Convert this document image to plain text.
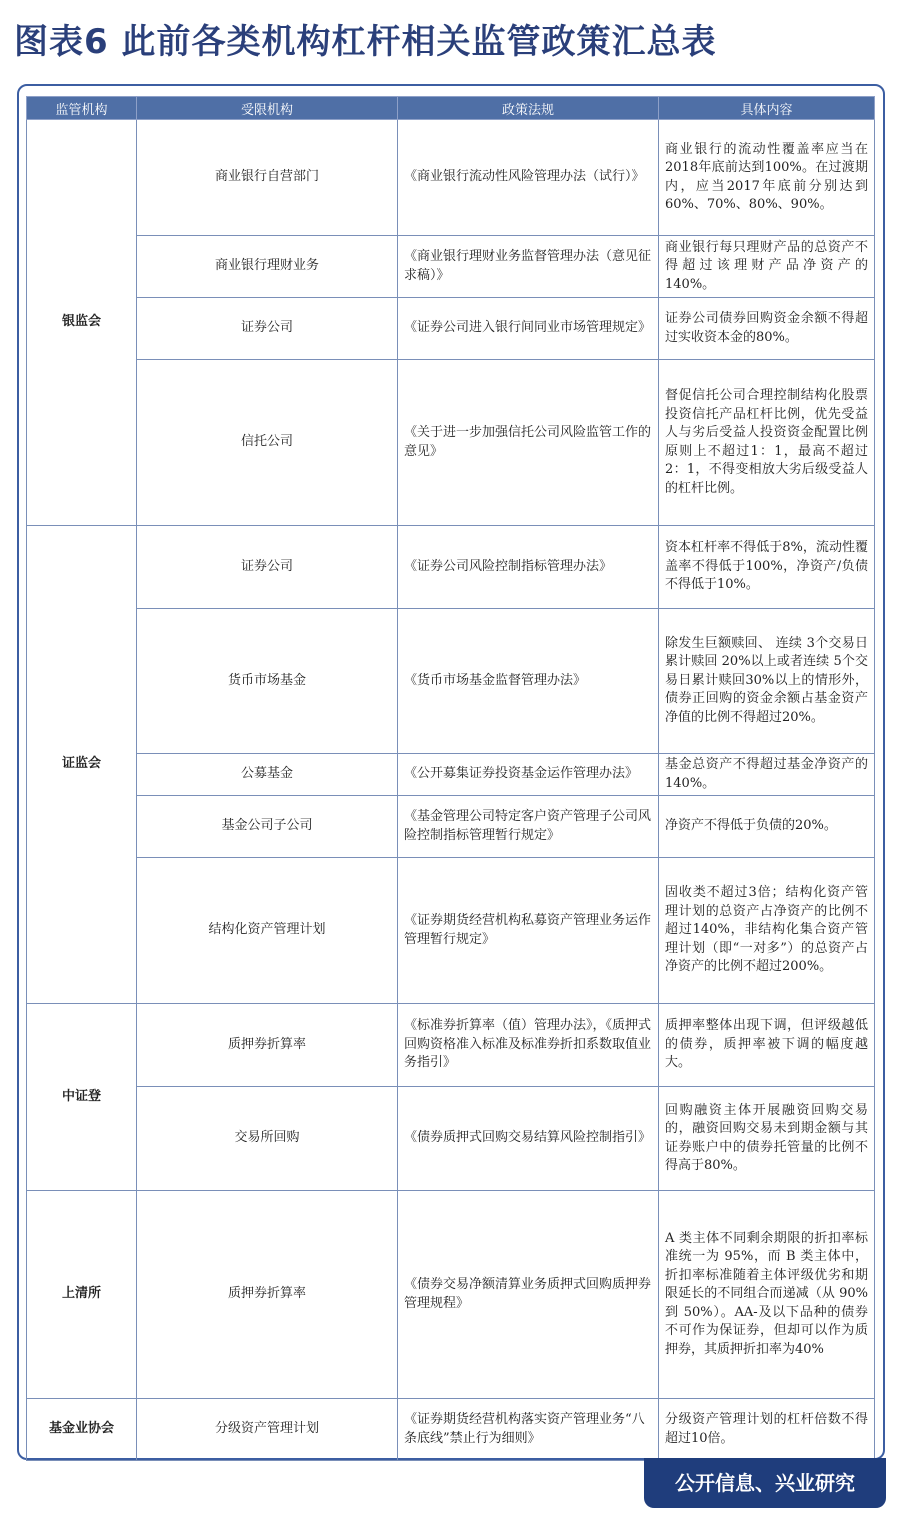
图表6 此前各类机构杠杆相关监管政策汇总表
监管机构	受限机构	政策法规	具体内容
银监会	商业银行自营部门	《商业银行流动性风险管理办法（试行）》	商业银行的流动性覆盖率应当在2018年底前达到100%。在过渡期内，应当2017年底前分别达到60%、70%、80%、90%。
	商业银行理财业务	《商业银行理财业务监督管理办法（意见征求稿）》	商业银行每只理财产品的总资产不得超过该理财产品净资产的140%。
	证券公司	《证券公司进入银行间同业市场管理规定》	证券公司债券回购资金余额不得超过实收资本金的80%。
	信托公司	《关于进一步加强信托公司风险监管工作的意见》	督促信托公司合理控制结构化股票投资信托产品杠杆比例，优先受益人与劣后受益人投资资金配置比例原则上不超过1：1，最高不超过2：1，不得变相放大劣后级受益人的杠杆比例。
证监会	证券公司	《证券公司风险控制指标管理办法》	资本杠杆率不得低于8%，流动性覆盖率不得低于100%，净资产/负债不得低于10%。
	货币市场基金	《货币市场基金监督管理办法》	除发生巨额赎回、 连续 3个交易日累计赎回 20%以上或者连续 5个交易日累计赎回30%以上的情形外，债券正回购的资金余额占基金资产净值的比例不得超过20%。
	公募基金	《公开募集证券投资基金运作管理办法》	基金总资产不得超过基金净资产的140%。
	基金公司子公司	《基金管理公司特定客户资产管理子公司风险控制指标管理暂行规定》	净资产不得低于负债的20%。
	结构化资产管理计划	《证券期货经营机构私募资产管理业务运作管理暂行规定》	固收类不超过3倍；结构化资产管理计划的总资产占净资产的比例不超过140%，非结构化集合资产管理计划（即“一对多”）的总资产占净资产的比例不超过200%。
中证登	质押券折算率	《标准券折算率（值）管理办法》，《质押式回购资格准入标准及标准券折扣系数取值业务指引》	质押率整体出现下调，但评级越低的债券，质押率被下调的幅度越大。
	交易所回购	《债券质押式回购交易结算风险控制指引》	回购融资主体开展融资回购交易的，融资回购交易未到期金额与其证券账户中的债券托管量的比例不得高于80%。
上清所	质押券折算率	《债券交易净额清算业务质押式回购质押券管理规程》	A 类主体不同剩余期限的折扣率标准统一为 95%，而 B 类主体中，折扣率标准随着主体评级优劣和期限延长的不同组合而递减（从 90%到 50%）。AA-及以下品种的债券不可作为保证券，但却可以作为质押券，其质押折扣率为40%
基金业协会	分级资产管理计划	《证券期货经营机构落实资产管理业务“八条底线”禁止行为细则》	分级资产管理计划的杠杆倍数不得超过10倍。
公开信息、兴业研究
